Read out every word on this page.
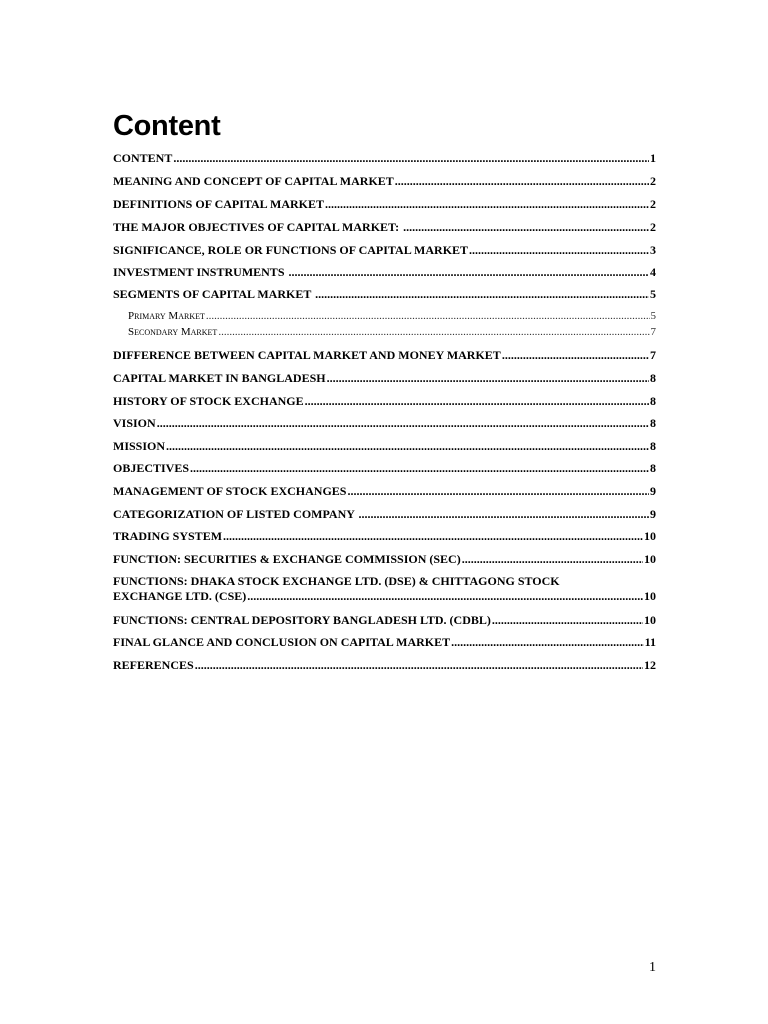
Content
CONTENT .....	1
MEANING AND CONCEPT OF CAPITAL MARKET .....	2
DEFINITIONS OF CAPITAL MARKET .....	2
THE MAJOR OBJECTIVES OF CAPITAL MARKET: .....	2
SIGNIFICANCE, ROLE OR FUNCTIONS OF CAPITAL MARKET .....	3
INVESTMENT INSTRUMENTS .....	4
SEGMENTS OF CAPITAL MARKET .....	5
Primary Market .....	5
Secondary Market .....	7
DIFFERENCE BETWEEN CAPITAL MARKET AND MONEY MARKET .....	7
CAPITAL MARKET IN BANGLADESH .....	8
HISTORY OF STOCK EXCHANGE .....	8
VISION .....	8
MISSION .....	8
OBJECTIVES .....	8
MANAGEMENT OF STOCK EXCHANGES .....	9
CATEGORIZATION OF LISTED COMPANY .....	9
TRADING SYSTEM .....	10
FUNCTION: SECURITIES & EXCHANGE COMMISSION (SEC) .....	10
FUNCTIONS: DHAKA STOCK EXCHANGE LTD. (DSE) & CHITTAGONG STOCK
EXCHANGE LTD. (CSE) .....	10
FUNCTIONS: CENTRAL DEPOSITORY BANGLADESH LTD. (CDBL) .....	10
FINAL GLANCE AND CONCLUSION ON CAPITAL MARKET .....	11
REFERENCES .....	12
1
